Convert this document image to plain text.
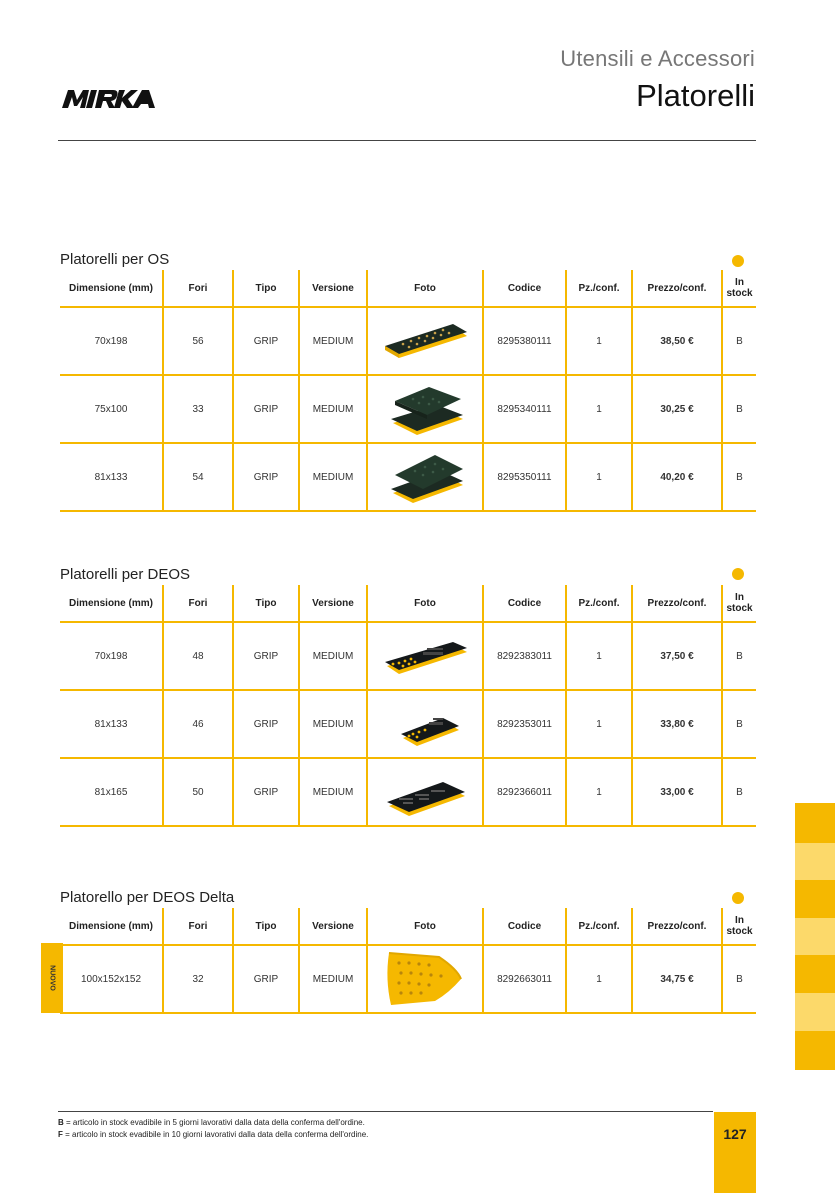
Utensili e Accessori
Platorelli
Platorelli per OS
Dimensione (mm)	Fori	Tipo	Versione	Foto	Codice	Pz./conf.	Prezzo/conf.	In stock
70x198	56	GRIP	MEDIUM		8295380111	1	38,50 €	B
75x100	33	GRIP	MEDIUM		8295340111	1	30,25 €	B
81x133	54	GRIP	MEDIUM		8295350111	1	40,20 €	B
Platorelli per DEOS
Dimensione (mm)	Fori	Tipo	Versione	Foto	Codice	Pz./conf.	Prezzo/conf.	In stock
70x198	48	GRIP	MEDIUM		8292383011	1	37,50 €	B
81x133	46	GRIP	MEDIUM		8292353011	1	33,80 €	B
81x165	50	GRIP	MEDIUM		8292366011	1	33,00 €	B
Platorello per DEOS Delta
Dimensione (mm)	Fori	Tipo	Versione	Foto	Codice	Pz./conf.	Prezzo/conf.	In stock
100x152x152	32	GRIP	MEDIUM		8292663011	1	34,75 €	B
NUOVO
B = articolo in stock evadibile in 5 giorni lavorativi dalla data della conferma dell'ordine.
F = articolo in stock evadibile in 10 giorni lavorativi dalla data della conferma dell'ordine.	127
